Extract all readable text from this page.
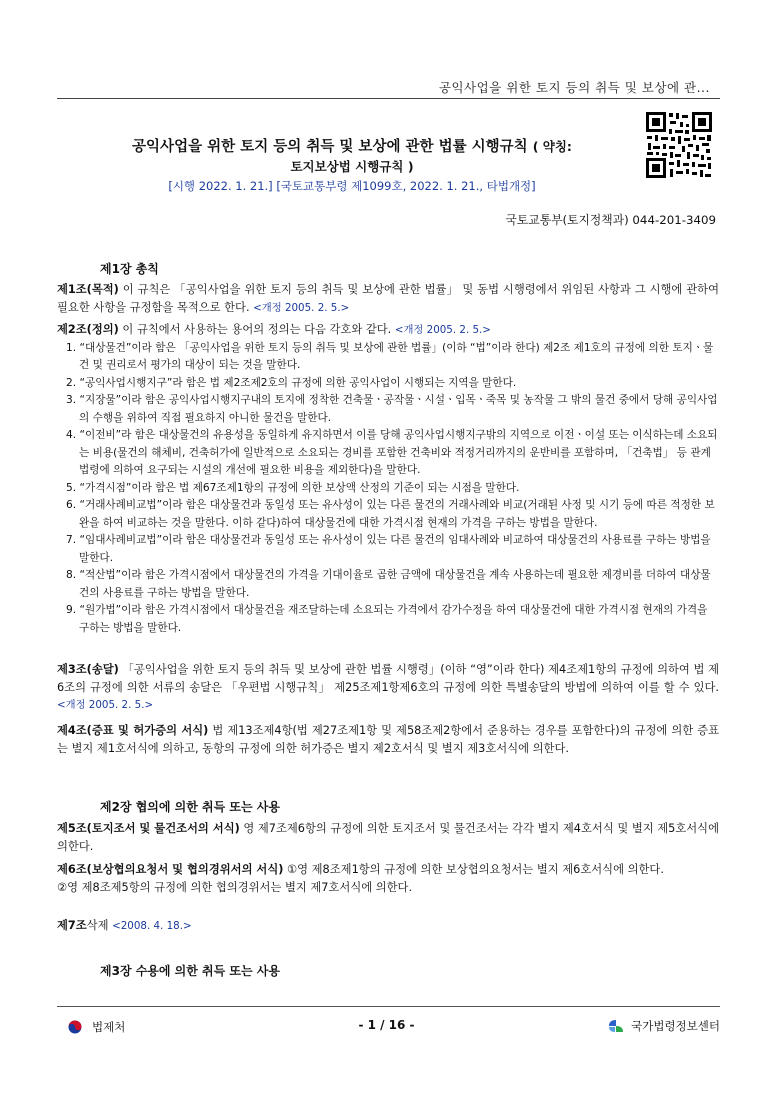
공익사업을 위한 토지 등의 취득 및 보상에 관...
공익사업을 위한 토지 등의 취득 및 보상에 관한 법률 시행규칙 ( 약칭:
토지보상법 시행규칙 )
[시행 2022. 1. 21.] [국토교통부령 제1099호, 2022. 1. 21., 타법개정]
국토교통부(토지정책과) 044-201-3409
제1장 총칙

제1조(목적) 이 규칙은 「공익사업을 위한 토지 등의 취득 및 보상에 관한 법률」 및 동법 시행령에서 위임된 사항과 그 시행에 관하여 필요한 사항을 규정함을 목적으로 한다. <개정 2005. 2. 5.>

제2조(정의) 이 규칙에서 사용하는 용어의 정의는 다음 각호와 같다. <개정 2005. 2. 5.>

1. “대상물건”이라 함은 「공익사업을 위한 토지 등의 취득 및 보상에 관한 법률」(이하 “법”이라 한다) 제2조 제1호의 규정에 의한 토지ㆍ물건 및 권리로서 평가의 대상이 되는 것을 말한다.
2. “공익사업시행지구”라 함은 법 제2조제2호의 규정에 의한 공익사업이 시행되는 지역을 말한다.
3. “지장물”이라 함은 공익사업시행지구내의 토지에 정착한 건축물ㆍ공작물ㆍ시설ㆍ입목ㆍ죽목 및 농작물 그 밖의 물건 중에서 당해 공익사업의 수행을 위하여 직접 필요하지 아니한 물건을 말한다.
4. “이전비”라 함은 대상물건의 유용성을 동일하게 유지하면서 이를 당해 공익사업시행지구밖의 지역으로 이전ㆍ이설 또는 이식하는데 소요되는 비용(물건의 해체비, 건축허가에 일반적으로 소요되는 경비를 포함한 건축비와 적정거리까지의 운반비를 포함하며, 「건축법」 등 관계법령에 의하여 요구되는 시설의 개선에 필요한 비용을 제외한다)을 말한다.
5. “가격시점”이라 함은 법 제67조제1항의 규정에 의한 보상액 산정의 기준이 되는 시점을 말한다.
6. “거래사례비교법”이라 함은 대상물건과 동일성 또는 유사성이 있는 다른 물건의 거래사례와 비교(거래된 사정 및 시기 등에 따른 적정한 보완을 하여 비교하는 것을 말한다. 이하 같다)하여 대상물건에 대한 가격시점 현재의 가격을 구하는 방법을 말한다.
7. “임대사례비교법”이라 함은 대상물건과 동일성 또는 유사성이 있는 다른 물건의 임대사례와 비교하여 대상물건의 사용료를 구하는 방법을 말한다.
8. “적산법”이라 함은 가격시점에서 대상물건의 가격을 기대이율로 곱한 금액에 대상물건을 계속 사용하는데 필요한 제경비를 더하여 대상물건의 사용료를 구하는 방법을 말한다.
9. “원가법”이라 함은 가격시점에서 대상물건을 재조달하는데 소요되는 가격에서 감가수정을 하여 대상물건에 대한 가격시점 현재의 가격을 구하는 방법을 말한다.

제3조(송달) 「공익사업을 위한 토지 등의 취득 및 보상에 관한 법률 시행령」(이하 “영”이라 한다) 제4조제1항의 규정에 의하여 법 제6조의 규정에 의한 서류의 송달은 「우편법 시행규칙」 제25조제1항제6호의 규정에 의한 특별송달의 방법에 의하여 이를 할 수 있다. <개정 2005. 2. 5.>

제4조(증표 및 허가증의 서식) 법 제13조제4항(법 제27조제1항 및 제58조제2항에서 준용하는 경우를 포함한다)의 규정에 의한 증표는 별지 제1호서식에 의하고, 동항의 규정에 의한 허가증은 별지 제2호서식 및 별지 제3호서식에 의한다.

제2장 협의에 의한 취득 또는 사용

제5조(토지조서 및 물건조서의 서식) 영 제7조제6항의 규정에 의한 토지조서 및 물건조서는 각각 별지 제4호서식 및 별지 제5호서식에 의한다.

제6조(보상협의요청서 및 협의경위서의 서식) ①영 제8조제1항의 규정에 의한 보상협의요청서는 별지 제6호서식에 의한다.

②영 제8조제5항의 규정에 의한 협의경위서는 별지 제7호서식에 의한다.

제7조삭제 <2008. 4. 18.>

제3장 수용에 의한 취득 또는 사용
법제처	- 1 / 16 -	국가법령정보센터
